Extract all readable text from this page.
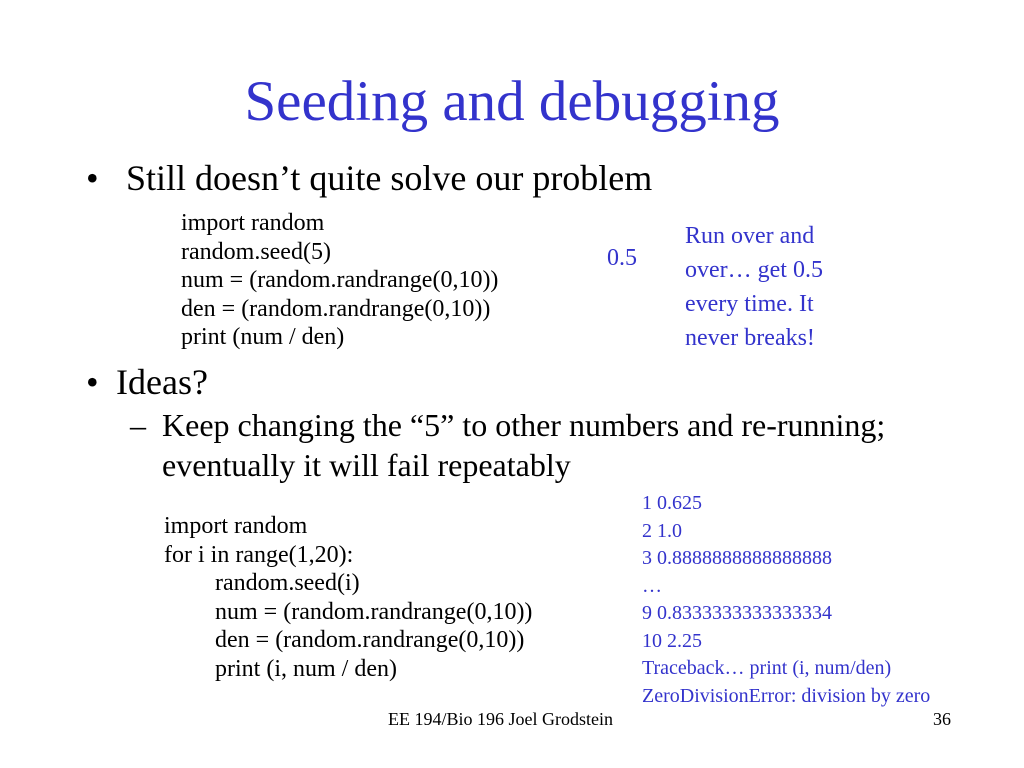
Seeding and debugging
• Still doesn’t quite solve our problem
import random
random.seed(5)
num = (random.randrange(0,10))
den = (random.randrange(0,10))
print (num / den)
0.5
Run over and
over… get 0.5
every time. It
never breaks!
• Ideas?
– Keep changing the “5” to other numbers and re-running;
eventually it will fail repeatably
import random
for i in range(1,20):
random.seed(i)
num = (random.randrange(0,10))
den = (random.randrange(0,10))
print (i, num / den)
1 0.625
2 1.0
3 0.8888888888888888
…
9 0.8333333333333334
10 2.25
Traceback… print (i, num/den)
ZeroDivisionError: division by zero
EE 194/Bio 196 Joel Grodstein	36
